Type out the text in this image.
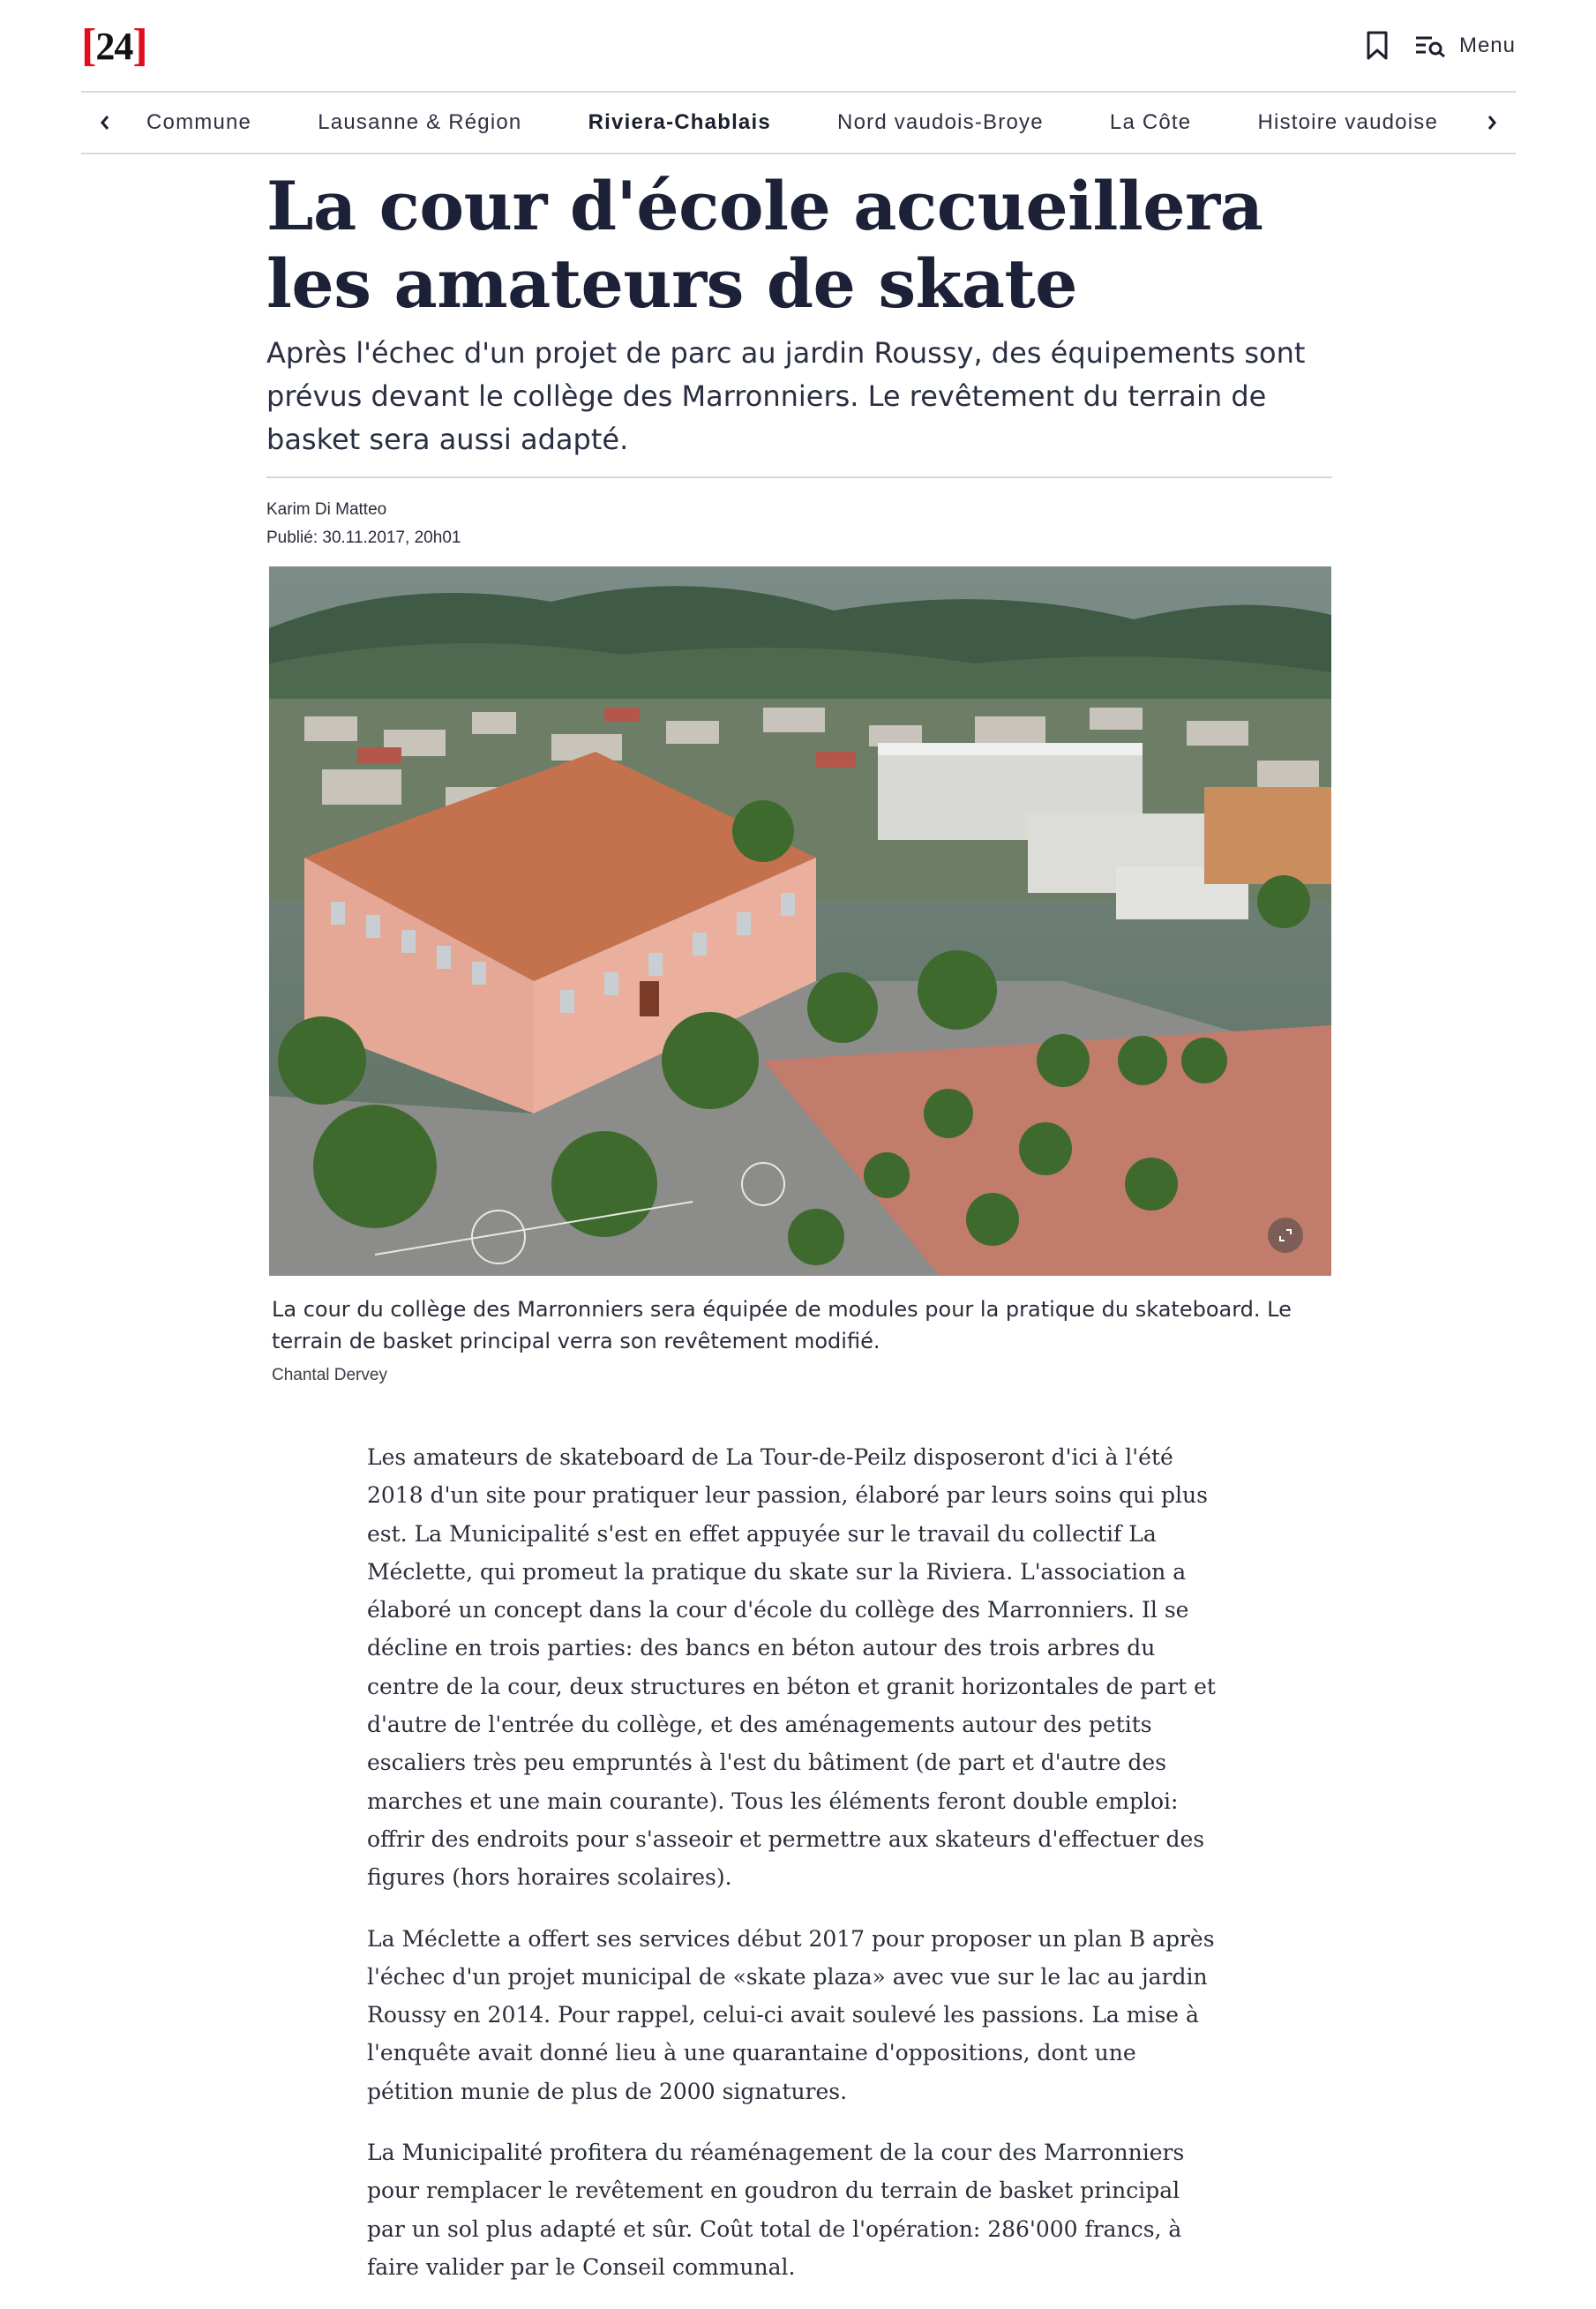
[ 24 ]	Menu
Commune	Lausanne & Région	Riviera-Chablais	Nord vaudois-Broye	La Côte	Histoire vaudoise
La cour d'école accueillera les amateurs de skate

Après l'échec d'un projet de parc au jardin Roussy, des équipements sont prévus devant le collège des Marronniers. Le revêtement du terrain de basket sera aussi adapté.

Karim Di Matteo
Publié: 30.11.2017, 20h01

La cour du collège des Marronniers sera équipée de modules pour la pratique du skateboard. Le terrain de basket principal verra son revêtement modifié.

Chantal Dervey

Les amateurs de skateboard de La Tour-de-Peilz disposeront d'ici à l'été 2018 d'un site pour pratiquer leur passion, élaboré par leurs soins qui plus est. La Municipalité s'est en effet appuyée sur le travail du collectif La Méclette, qui promeut la pratique du skate sur la Riviera. L'association a élaboré un concept dans la cour d'école du collège des Marronniers. Il se décline en trois parties: des bancs en béton autour des trois arbres du centre de la cour, deux structures en béton et granit horizontales de part et d'autre de l'entrée du collège, et des aménagements autour des petits escaliers très peu empruntés à l'est du bâtiment (de part et d'autre des marches et une main courante). Tous les éléments feront double emploi: offrir des endroits pour s'asseoir et permettre aux skateurs d'effectuer des figures (hors horaires scolaires).

La Méclette a offert ses services début 2017 pour proposer un plan B après l'échec d'un projet municipal de «skate plaza» avec vue sur le lac au jardin Roussy en 2014. Pour rappel, celui-ci avait soulevé les passions. La mise à l'enquête avait donné lieu à une quarantaine d'oppositions, dont une pétition munie de plus de 2000 signatures.

La Municipalité profitera du réaménagement de la cour des Marronniers pour remplacer le revêtement en goudron du terrain de basket principal par un sol plus adapté et sûr. Coût total de l'opération: 286'000 francs, à faire valider par le Conseil communal.
